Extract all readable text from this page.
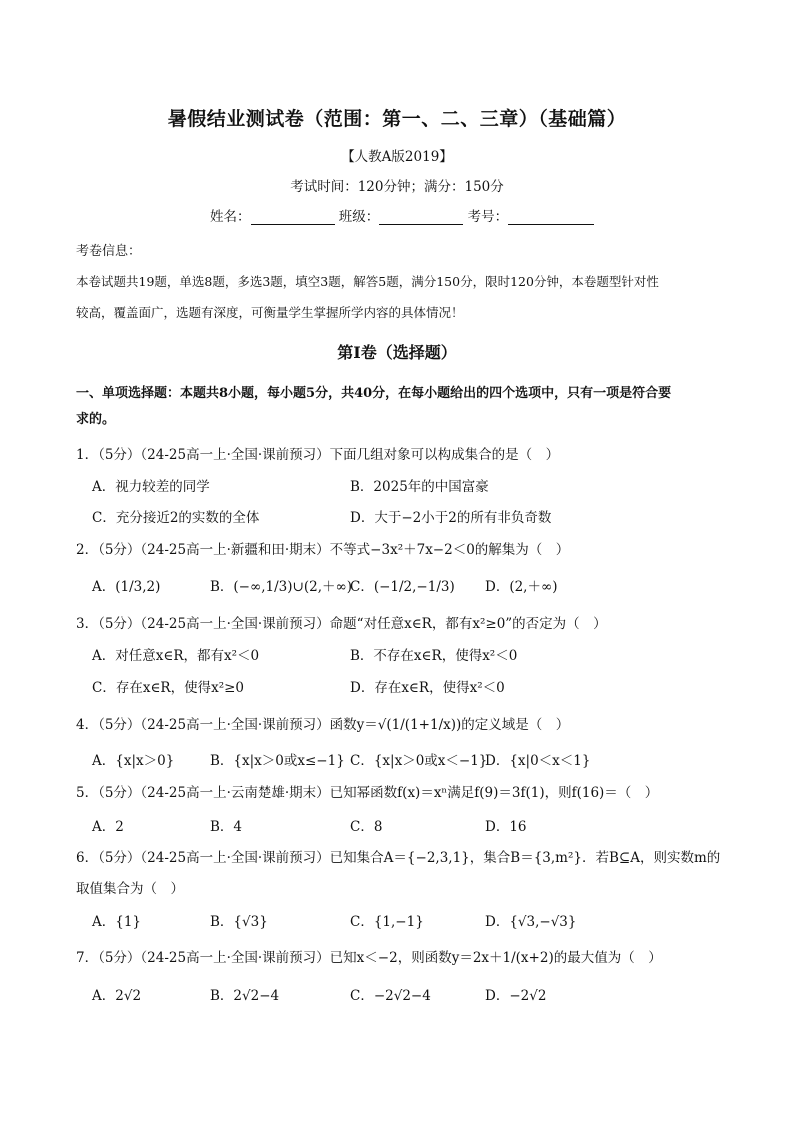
暑假结业测试卷（范围：第一、二、三章）（基础篇）
【人教A版2019】
考试时间：120分钟；满分：150分
姓名：	班级：	考号：
考卷信息：
本卷试题共19题，单选8题，多选3题，填空3题，解答5题，满分150分，限时120分钟，本卷题型针对性
较高，覆盖面广，选题有深度，可衡量学生掌握所学内容的具体情况！
第Ⅰ卷（选择题）
一、单项选择题：本题共8小题，每小题5分，共40分，在每小题给出的四个选项中，只有一项是符合要
求的。
1．（5分）（24-25高一上·全国·课前预习）下面几组对象可以构成集合的是（　）
A．视力较差的同学	B．2025年的中国富豪
C．充分接近2的实数的全体	D．大于−2小于2的所有非负奇数
2．（5分）（24-25高一上·新疆和田·期末）不等式−3x²＋7x−2＜0的解集为（　）
A．(1/3,2)	B．(−∞,1/3)∪(2,＋∞)
C．(−1/2,−1/3) D．(2,＋∞)
3．（5分）（24-25高一上·全国·课前预习）命题“对任意x∈R，都有x²≥0”的否定为（　）
A．对任意x∈R，都有x²＜0	B．不存在x∈R，使得x²＜0
C．存在x∈R，使得x²≥0	D．存在x∈R，使得x²＜0
4．（5分）（24-25高一上·全国·课前预习）函数y＝√(1/(1+1/x))的定义域是（　）
A．{x|x＞0}	B．{x|x＞0或x≤−1} C．{x|x＞0或x＜−1}
D．{x|0＜x＜1}
5．（5分）（24-25高一上·云南楚雄·期末）已知幂函数f(x)＝xⁿ满足f(9)＝3f(1)，则f(16)＝（　）
A．2	B．4	C．8	D．16
6．（5分）（24-25高一上·全国·课前预习）已知集合A＝{−2,3,1}，集合B＝{3,m²}．若B⊆A，则实数m的
取值集合为（　）
A．{1}	B．{√3}	C．{1,−1}	D．{√3,−√3}
7．（5分）（24-25高一上·全国·课前预习）已知x＜−2，则函数y＝2x＋1/(x+2)的最大值为（　）
A．2√2	B．2√2−4	C．−2√2−4	D．−2√2
